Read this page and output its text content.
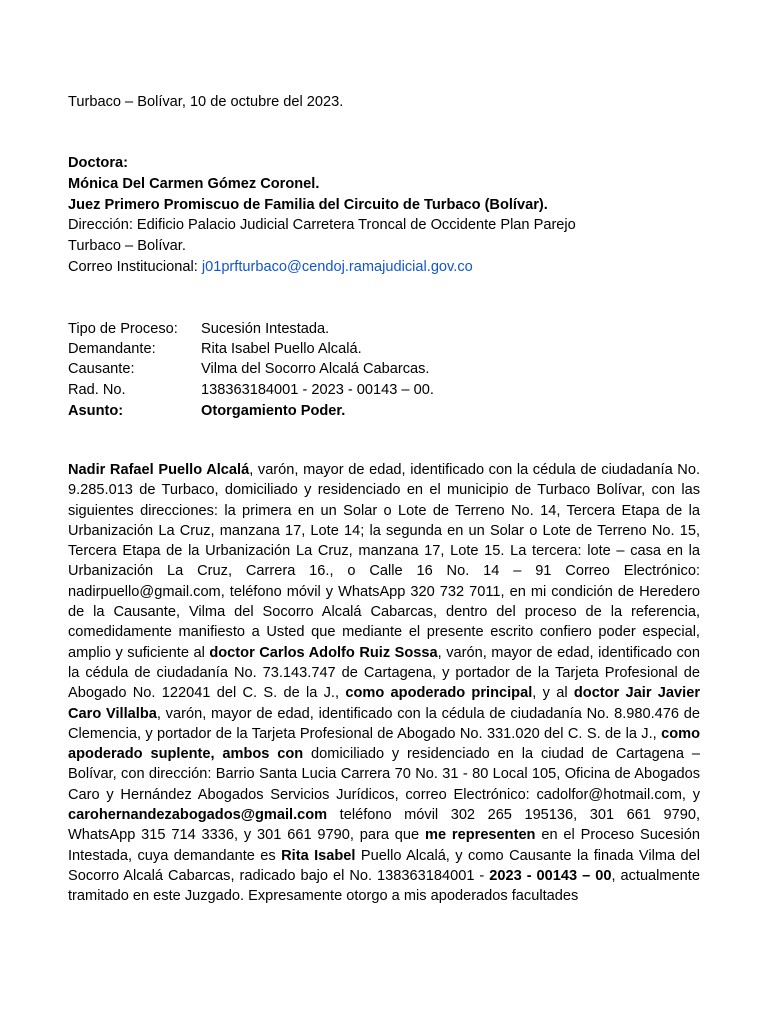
Turbaco – Bolívar, 10 de octubre del 2023.
Doctora:
Mónica Del Carmen Gómez Coronel.
Juez Primero Promiscuo de Familia del Circuito de Turbaco (Bolívar).
Dirección: Edificio Palacio Judicial Carretera Troncal de Occidente Plan Parejo
Turbaco – Bolívar.
Correo Institucional: j01prfturbaco@cendoj.ramajudicial.gov.co
Tipo de Proceso: Sucesión Intestada.
Demandante:	Rita Isabel Puello Alcalá.
Causante:	Vilma del Socorro Alcalá Cabarcas.
Rad. No.	138363184001 - 2023 - 00143 – 00.
Asunto:	Otorgamiento Poder.
Nadir Rafael Puello Alcalá, varón, mayor de edad, identificado con la cédula de ciudadanía No. 9.285.013 de Turbaco, domiciliado y residenciado en el municipio de Turbaco Bolívar, con las siguientes direcciones: la primera en un Solar o Lote de Terreno No. 14, Tercera Etapa de la Urbanización La Cruz, manzana 17, Lote 14; la segunda en un Solar o Lote de Terreno No. 15, Tercera Etapa de la Urbanización La Cruz, manzana 17, Lote 15. La tercera: lote – casa en la Urbanización La Cruz, Carrera 16., o Calle 16 No. 14 – 91 Correo Electrónico: nadirpuello@gmail.com, teléfono móvil y WhatsApp 320 732 7011, en mi condición de Heredero de la Causante, Vilma del Socorro Alcalá Cabarcas, dentro del proceso de la referencia, comedidamente manifiesto a Usted que mediante el presente escrito confiero poder especial, amplio y suficiente al doctor Carlos Adolfo Ruiz Sossa, varón, mayor de edad, identificado con la cédula de ciudadanía No. 73.143.747 de Cartagena, y portador de la Tarjeta Profesional de Abogado No. 122041 del C. S. de la J., como apoderado principal, y al doctor Jair Javier Caro Villalba, varón, mayor de edad, identificado con la cédula de ciudadanía No. 8.980.476 de Clemencia, y portador de la Tarjeta Profesional de Abogado No. 331.020 del C. S. de la J., como apoderado suplente, ambos con domiciliado y residenciado en la ciudad de Cartagena – Bolívar, con dirección: Barrio Santa Lucia Carrera 70 No. 31 - 80 Local 105, Oficina de Abogados Caro y Hernández Abogados Servicios Jurídicos, correo Electrónico: cadolfor@hotmail.com, y carohernandezabogados@gmail.com teléfono móvil 302 265 195136, 301 661 9790, WhatsApp 315 714 3336, y 301 661 9790, para que me representen en el Proceso Sucesión Intestada, cuya demandante es Rita Isabel Puello Alcalá, y como Causante la finada Vilma del Socorro Alcalá Cabarcas, radicado bajo el No. 138363184001 - 2023 - 00143 – 00, actualmente tramitado en este Juzgado. Expresamente otorgo a mis apoderados facultades
